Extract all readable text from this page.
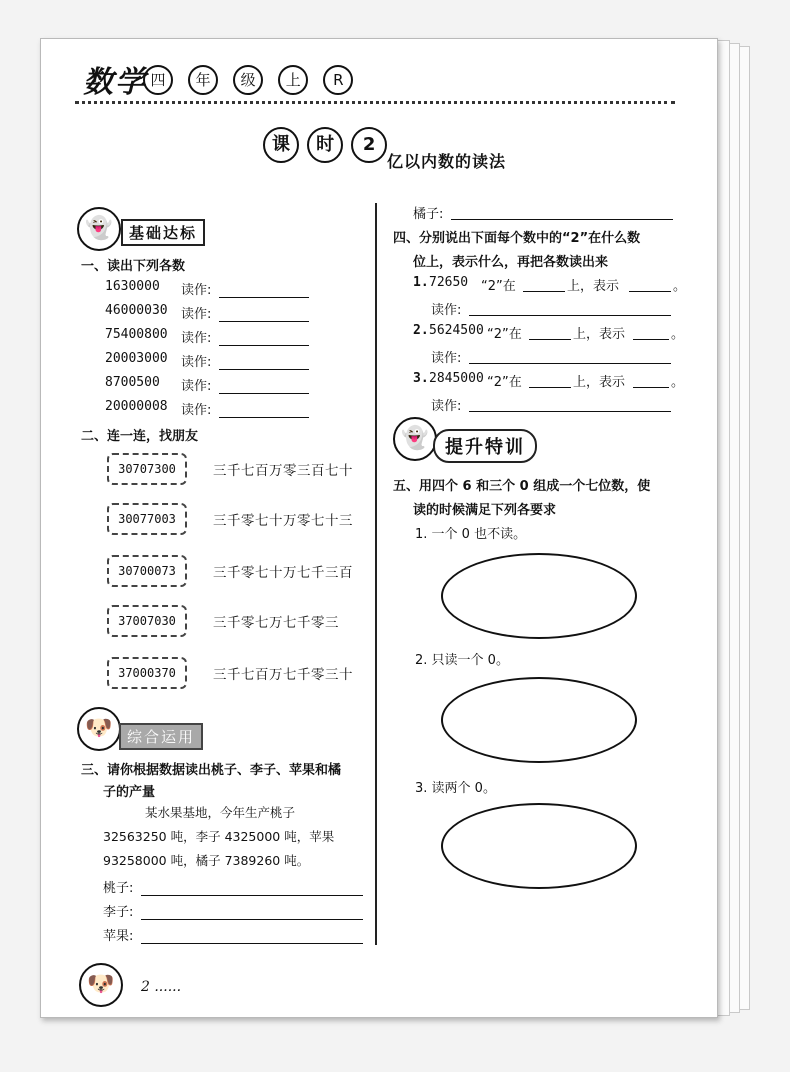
数学 四 年 级 上 R
课 时 2
亿以内数的读法
👻	基础达标
一、读出下列各数
1630000 读作:
46000030 读作:
75400800 读作:
20003000 读作:
8700500 读作:
20000008 读作:
二、连一连，找朋友
30707300	三千七百万零三百七十
30077003	三千零七十万零七十三
30700073	三千零七十万七千三百
37007030	三千零七万七千零三
37000370	三千七百万七千零三十
🐶 综合运用
三、请你根据数据读出桃子、李子、苹果和橘
子的产量
某水果基地，今年生产桃子
32563250 吨，李子 4325000 吨，苹果
93258000 吨，橘子 7389260 吨。
桃子:
李子:
苹果:
橘子:
四、分别说出下面每个数中的“2”在什么数
位上，表示什么，再把各数读出来
1. 72650 “2”在	上，表示	。
读作:
2. 5624500 “2”在	上，表示	。
读作:
3. 2845000 “2”在	上，表示	。
读作:
👻 提升特训
五、用四个 6 和三个 0 组成一个七位数，使
读的时候满足下列各要求
1. 一个 0 也不读。
2. 只读一个 0。
3. 读两个 0。
🐶	2 ......
